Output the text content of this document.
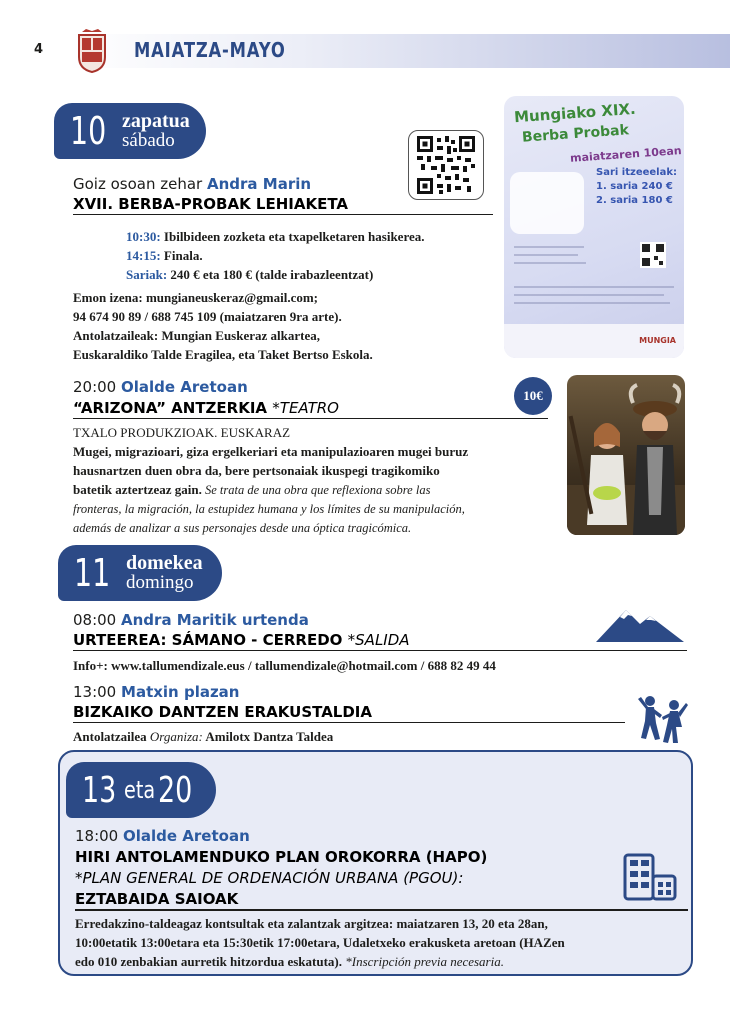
4	MAIATZA-MAYO
10 zapatua
sábado
Mungiako XIX.
Berba Probak
maiatzaren 10ean
Sari itzeeelak:
1. saria 240 €
2. saria 180 €
MUNGIA
Goiz osoan zehar Andra Marin
XVII. BERBA-PROBAK LEHIAKETA
10:30: Ibilbideen zozketa eta txapelketaren hasikerea.
14:15: Finala.
Sariak: 240 € eta 180 € (talde irabazleentzat)
Emon izena: mungianeuskeraz@gmail.com;
94 674 90 89 / 688 745 109 (maiatzaren 9ra arte).
Antolatzaileak: Mungian Euskeraz alkartea,
Euskaraldiko Talde Eragilea, eta Taket Bertso Eskola.
20:00 Olalde Aretoan
“ARIZONA” ANTZERKIA *TEATRO
10€
TXALO PRODUKZIOAK. EUSKARAZ
Mugei, migrazioari, giza ergelkeriari eta manipulazioaren mugei buruz
hausnartzen duen obra da, bere pertsonaiak ikuspegi tragikomiko
batetik aztertzeaz gain. Se trata de una obra que reflexiona sobre las
fronteras, la migración, la estupidez humana y los límites de su manipulación,
además de analizar a sus personajes desde una óptica tragicómica.
11 domekea
domingo
08:00 Andra Maritik urtenda
URTEEREA: SÁMANO - CERREDO *SALIDA
Info+: www.tallumendizale.eus / tallumendizale@hotmail.com / 688 82 49 44
13:00 Matxin plazan
BIZKAIKO DANTZEN ERAKUSTALDIA
Antolatzailea Organiza: Amilotx Dantza Taldea
13 eta 20
18:00 Olalde Aretoan
HIRI ANTOLAMENDUKO PLAN OROKORRA (HAPO)
*PLAN GENERAL DE ORDENACIÓN URBANA (PGOU):
EZTABAIDA SAIOAK
Erredakzino-taldeagaz kontsultak eta zalantzak argitzea: maiatzaren 13, 20 eta 28an,
10:00etatik 13:00etara eta 15:30etik 17:00etara, Udaletxeko erakusketa aretoan (HAZen
edo 010 zenbakian aurretik hitzordua eskatuta). *Inscripción previa necesaria.
